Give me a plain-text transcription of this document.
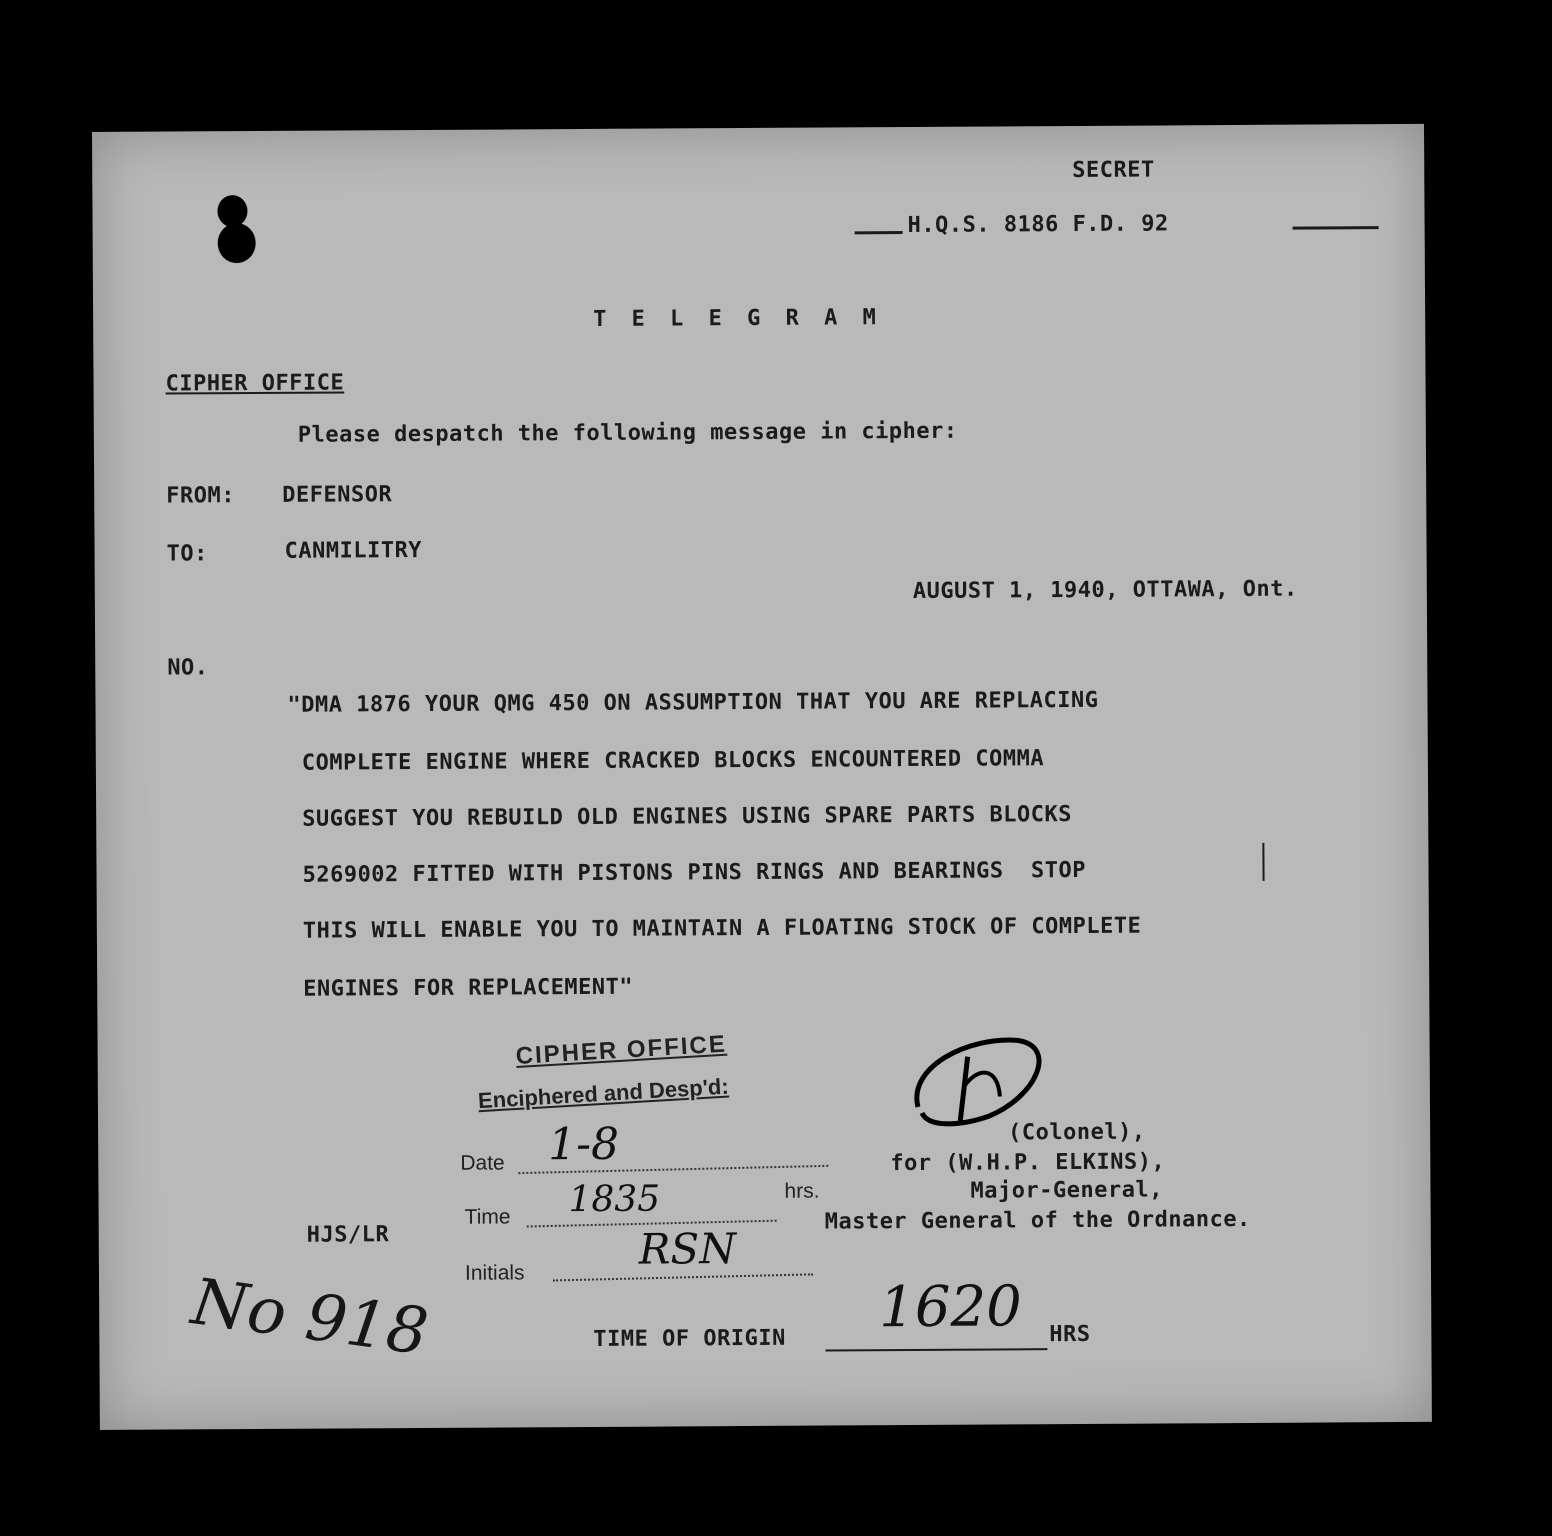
SECRET
H.Q.S. 8186 F.D. 92
T E L E G R A M
CIPHER OFFICE
Please despatch the following message in cipher:
FROM: DEFENSOR
TO:	CANMILITRY
AUGUST 1, 1940, OTTAWA, Ont.
NO.
"DMA 1876 YOUR QMG 450 ON ASSUMPTION THAT YOU ARE REPLACING
COMPLETE ENGINE WHERE CRACKED BLOCKS ENCOUNTERED COMMA
SUGGEST YOU REBUILD OLD ENGINES USING SPARE PARTS BLOCKS
5269002 FITTED WITH PISTONS PINS RINGS AND BEARINGS  STOP
THIS WILL ENABLE YOU TO MAINTAIN A FLOATING STOCK OF COMPLETE
ENGINES FOR REPLACEMENT"
CIPHER OFFICE
Enciphered and Desp'd:
Date 1-8
Time 1835	hrs.
Initials	RSN
(Colonel),
for (W.H.P. ELKINS),
Major-General,
Master General of the Ordnance.
HJS/LR
No 918	TIME OF ORIGIN 1620 HRS
